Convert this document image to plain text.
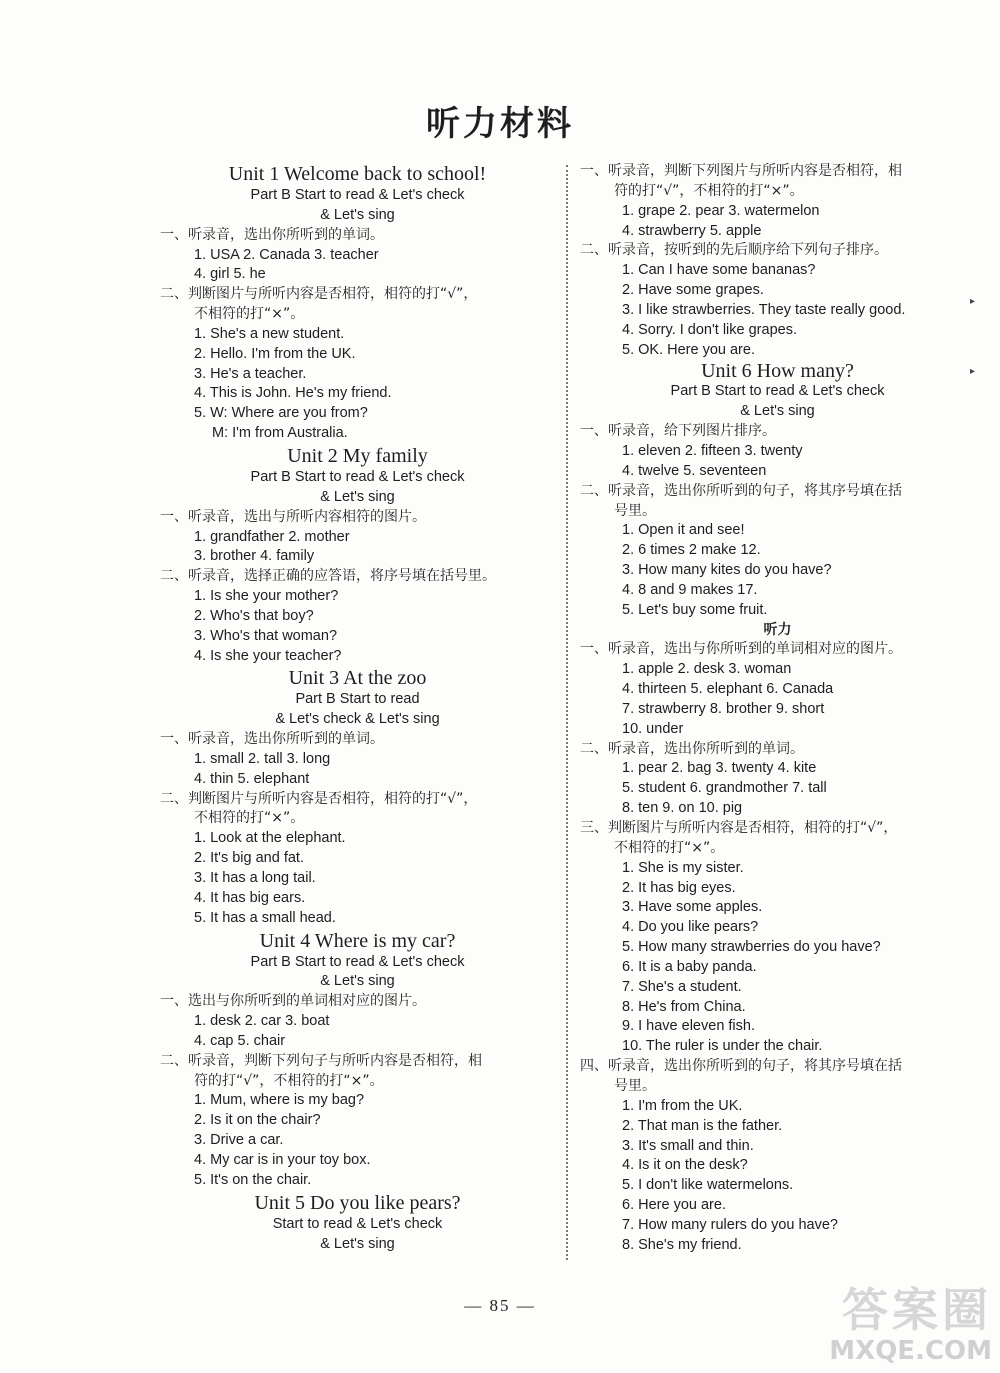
听力材料
Unit 1 Welcome back to school!
Part B Start to read & Let's check
& Let's sing
一、听录音，选出你所听到的单词。
1. USA 2. Canada 3. teacher
4. girl 5. he
二、判断图片与所听内容是否相符，相符的打“√”，
不相符的打“×”。
1. She's a new student.
2. Hello. I'm from the UK.
3. He's a teacher.
4. This is John. He's my friend.
5. W: Where are you from?
M: I'm from Australia.
Unit 2 My family
Part B Start to read & Let's check
& Let's sing
一、听录音，选出与所听内容相符的图片。
1. grandfather 2. mother
3. brother 4. family
二、听录音，选择正确的应答语，将序号填在括号里。
1. Is she your mother?
2. Who's that boy?
3. Who's that woman?
4. Is she your teacher?
Unit 3 At the zoo
Part B Start to read
& Let's check & Let's sing
一、听录音，选出你所听到的单词。
1. small 2. tall 3. long
4. thin 5. elephant
二、判断图片与所听内容是否相符，相符的打“√”，
不相符的打“×”。
1. Look at the elephant.
2. It's big and fat.
3. It has a long tail.
4. It has big ears.
5. It has a small head.
Unit 4 Where is my car?
Part B Start to read & Let's check
& Let's sing
一、选出与你所听到的单词相对应的图片。
1. desk 2. car 3. boat
4. cap 5. chair
二、听录音，判断下列句子与所听内容是否相符，相
符的打“√”，不相符的打“×”。
1. Mum, where is my bag?
2. Is it on the chair?
3. Drive a car.
4. My car is in your toy box.
5. It's on the chair.
Unit 5 Do you like pears?
Start to read & Let's check
& Let's sing
一、听录音，判断下列图片与所听内容是否相符，相
符的打“√”，不相符的打“×”。
1. grape 2. pear 3. watermelon
4. strawberry 5. apple
二、听录音，按听到的先后顺序给下列句子排序。
1. Can I have some bananas?
2. Have some grapes.
3. I like strawberries. They taste really good.
4. Sorry. I don't like grapes.
5. OK. Here you are.
Unit 6 How many?
Part B Start to read & Let's check
& Let's sing
一、听录音，给下列图片排序。
1. eleven 2. fifteen 3. twenty
4. twelve 5. seventeen
二、听录音，选出你所听到的句子，将其序号填在括
号里。
1. Open it and see!
2. 6 times 2 make 12.
3. How many kites do you have?
4. 8 and 9 makes 17.
5. Let's buy some fruit.
听力
一、听录音，选出与你所听到的单词相对应的图片。
1. apple 2. desk 3. woman
4. thirteen 5. elephant 6. Canada
7. strawberry 8. brother 9. short
10. under
二、听录音，选出你所听到的单词。
1. pear 2. bag 3. twenty 4. kite
5. student 6. grandmother 7. tall
8. ten 9. on 10. pig
三、判断图片与所听内容是否相符，相符的打“√”，
不相符的打“×”。
1. She is my sister.
2. It has big eyes.
3. Have some apples.
4. Do you like pears?
5. How many strawberries do you have?
6. It is a baby panda.
7. She's a student.
8. He's from China.
9. I have eleven fish.
10. The ruler is under the chair.
四、听录音，选出你所听到的句子，将其序号填在括
号里。
1. I'm from the UK.
2. That man is the father.
3. It's small and thin.
4. Is it on the desk?
5. I don't like watermelons.
6. Here you are.
7. How many rulers do you have?
8. She's my friend.
▸
▸
— 85 —	答案圈
MXQE.COM
